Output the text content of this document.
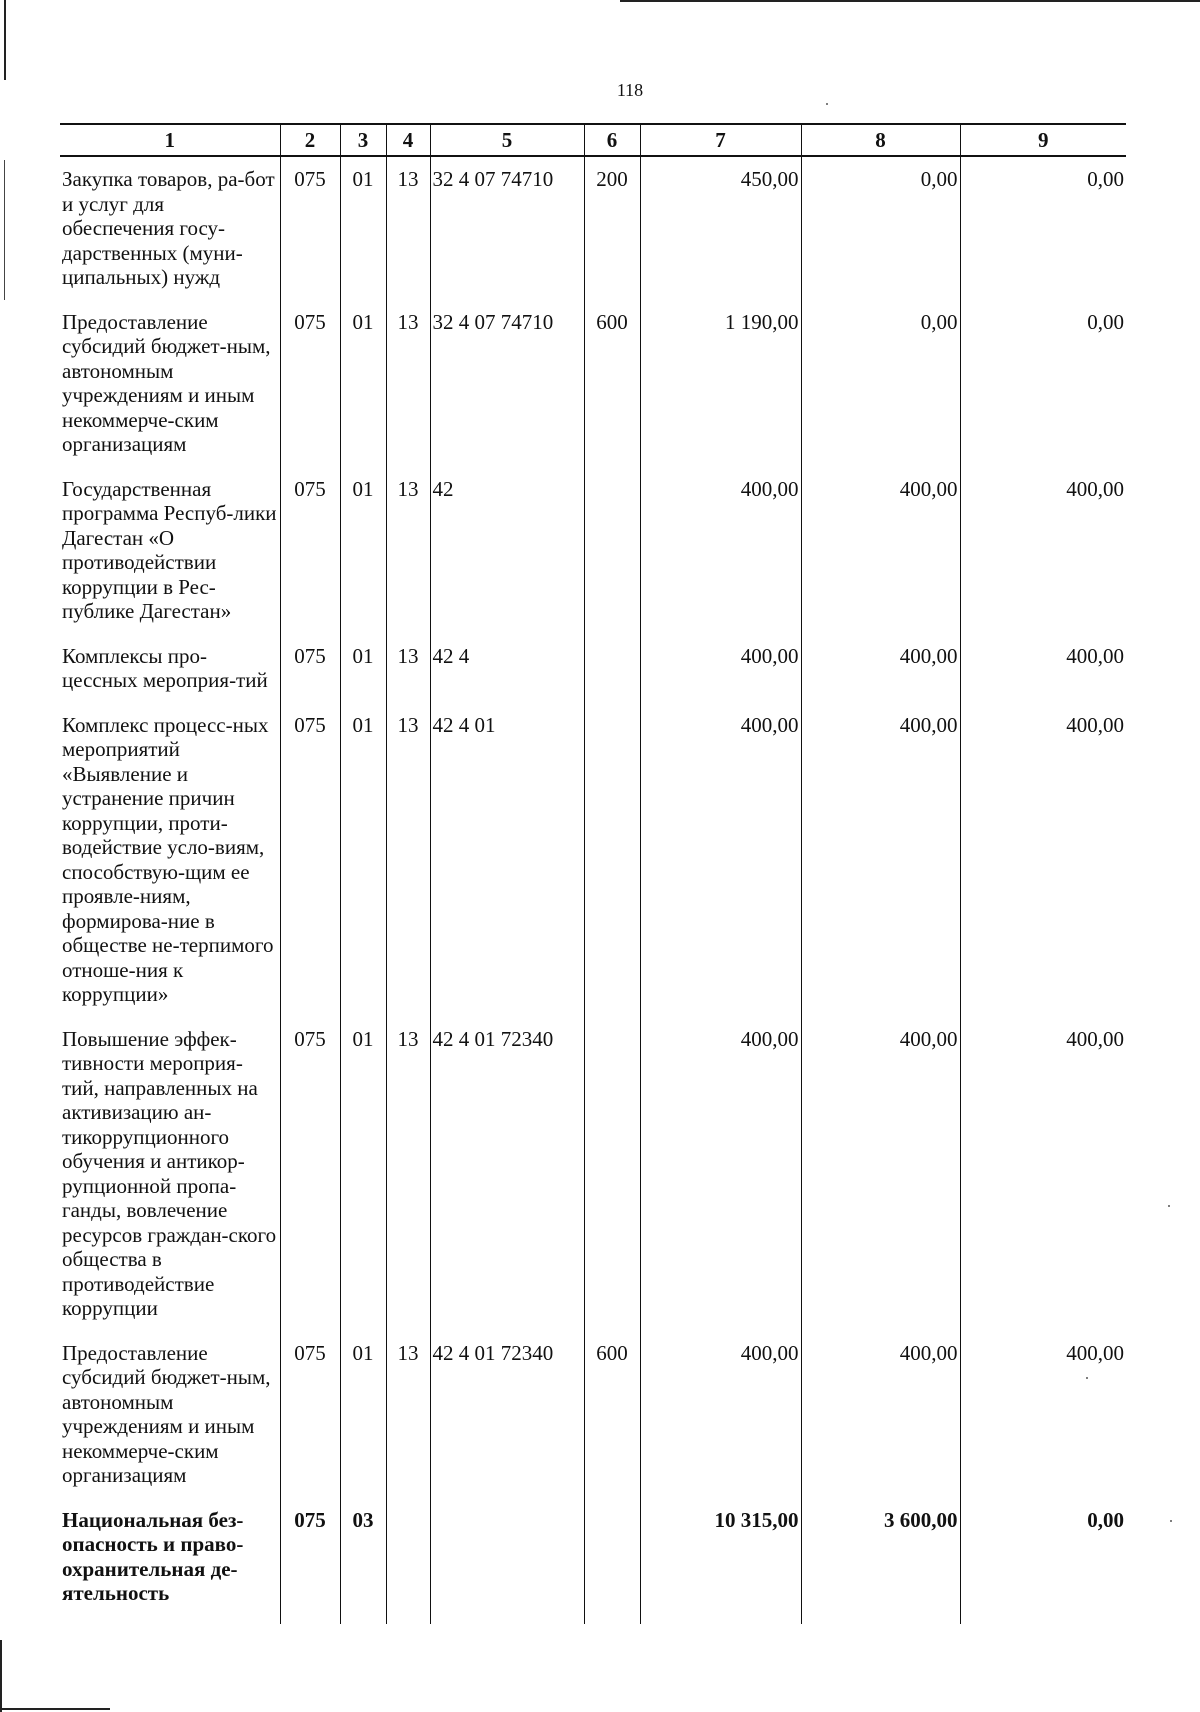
118
1	2	3	4	5	6	7	8	9
Закупка товаров, ра-бот и услуг для обеспечения госу-дарственных (муни-ципальных) нужд	075	01	13	32 4 07 74710	200	450,00	0,00	0,00
Предоставление субсидий бюджет-ным, автономным учреждениям и иным некоммерче-ским организациям	075	01	13	32 4 07 74710	600	1 190,00	0,00	0,00
Государственная программа Респуб-лики Дагестан «О противодействии коррупции в Рес-публике Дагестан»	075	01	13	42		400,00	400,00	400,00
Комплексы про-цессных мероприя-тий	075	01	13	42 4		400,00	400,00	400,00
Комплекс процесс-ных мероприятий «Выявление и устранение причин коррупции, проти-водействие усло-виям, способствую-щим ее проявле-ниям, формирова-ние в обществе не-терпимого отноше-ния к коррупции»	075	01	13	42 4 01		400,00	400,00	400,00
Повышение эффек-тивности мероприя-тий, направленных на активизацию ан-тикоррупционного обучения и антикор-рупционной пропа-ганды, вовлечение ресурсов граждан-ского общества в противодействие коррупции	075	01	13	42 4 01 72340		400,00	400,00	400,00
Предоставление субсидий бюджет-ным, автономным учреждениям и иным некоммерче-ским организациям	075	01	13	42 4 01 72340	600	400,00	400,00	400,00
Национальная без-опасность и право-охранительная де-ятельность	075	03				10 315,00	3 600,00	0,00
